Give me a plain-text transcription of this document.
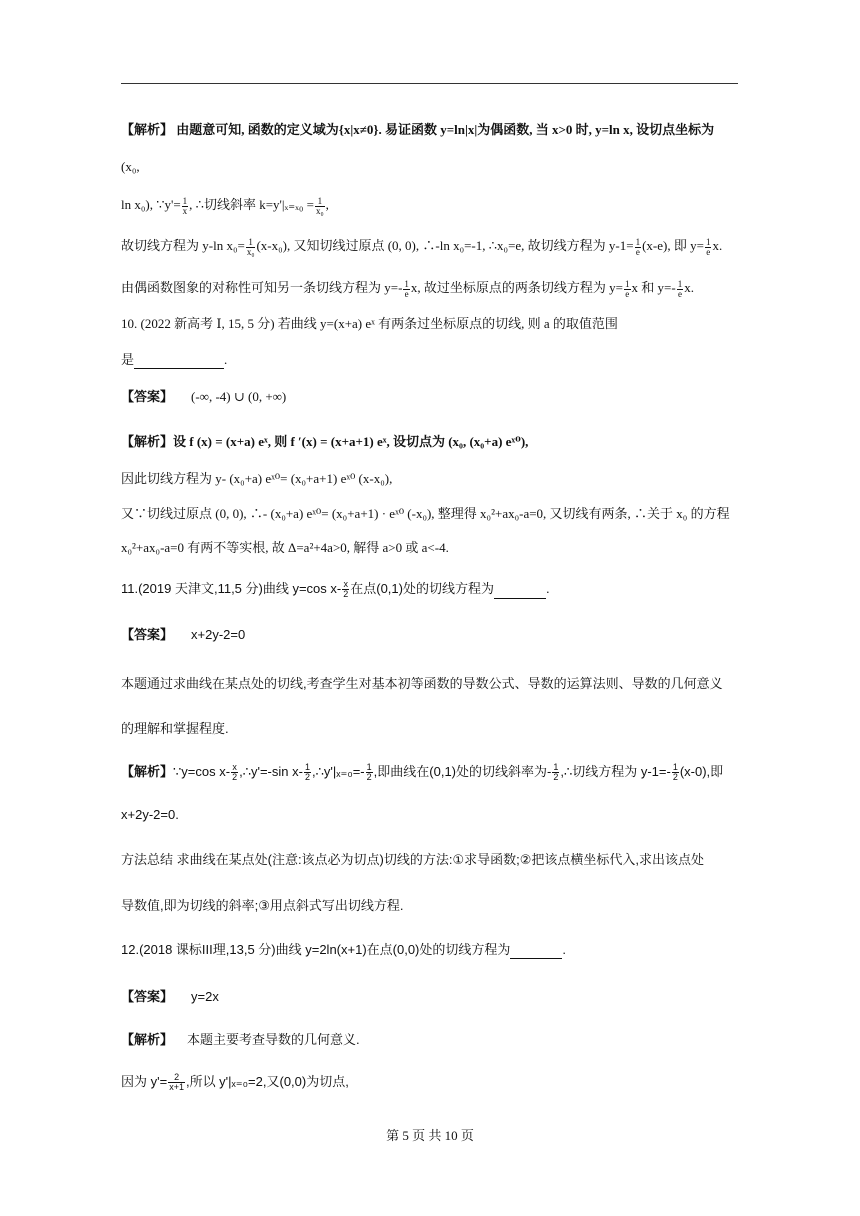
【解析】 由题意可知, 函数的定义域为{x|x≠0}. 易证函数 y=ln|x|为偶函数, 当 x>0 时, y=ln x, 设切点坐标为
(x₀,
ln x₀), ∵y'= $\frac{1}{x}$ , ∴切线斜率 $k=y'|_{x=x0} = \frac{1}{\text{x₀}}$ ,
故切线方程为 y-ln $x_0= \frac{1}{\text{x₀}} (x-x_0)$, 又知切线过原点 (0, 0), ∴-ln x₀=-1, ∴x₀=e, 故切线方程为 $y-1= \frac{1}{e} (x-e)$, 即 $y= \frac{1}{e} x$.
由偶函数图象的对称性可知另一条切线方程为 $y=- \frac{1}{e} x$, 故过坐标原点的两条切线方程为 $y= \frac{1}{e}$ x 和 $y=- \frac{1}{e} x$.
10. (2022 新高考 Ⅰ, 15, 5 分) 若曲线 y=(x+a) eˣ 有两条过坐标原点的切线, 则 a 的取值范围
是	.
【答案】 (-∞, -4) ∪ (0, +∞)
【解析】设 f (x) = (x+a) eˣ, 则 f ′(x) = (x+a+1) eˣ, 设切点为 (x₀, (x₀+a) eˣ⁰),
因此切线方程为 y- (x₀+a) eˣ⁰= (x₀+a+1) eˣ⁰ (x-x₀),
又∵切线过原点 (0, 0), ∴- (x₀+a) eˣ⁰= (x₀+a+1) · eˣ⁰ (-x₀), 整理得 x₀²+ax₀-a=0, 又切线有两条, ∴关于 x₀ 的方程
x₀²+ax₀-a=0 有两不等实根, 故 Δ=a²+4a>0, 解得 a>0 或 a<-4.
11.(2019 天津文,11,5 分)曲线 y=cos $x- \frac{x}{2}$ 在点(0,1)处的切线方程为	.
【答案】 x+2y-2=0
本题通过求曲线在某点处的切线,考查学生对基本初等函数的导数公式、导数的运算法则、导数的几何意义
的理解和掌握程度.
【解析】∵y=cos $x- \frac{x}{2}$ ,∴y'=-sin $x- \frac{1}{2}$ ,∴y'|ₓ₌₀=- $\frac{1}{2}$ ,即曲线在(0,1)处的切线斜率为- $\frac{1}{2}$ ,∴切线方程为 $y-1=- \frac{1}{2} (x-0)$,即
x+2y-2=0.
方法总结 求曲线在某点处(注意:该点必为切点)切线的方法:①求导函数;②把该点横坐标代入,求出该点处
导数值,即为切线的斜率;③用点斜式写出切线方程.
12.(2018 课标III理,13,5 分)曲线 y=2ln(x+1)在点(0,0)处的切线方程为	.
【答案】 y=2x
【解析】 本题主要考查导数的几何意义.
因为 $y'= \frac{2}{x+1}$ ,所以 y'|ₓ₌₀=2,又(0,0)为切点,
第 5 页 共 10 页
